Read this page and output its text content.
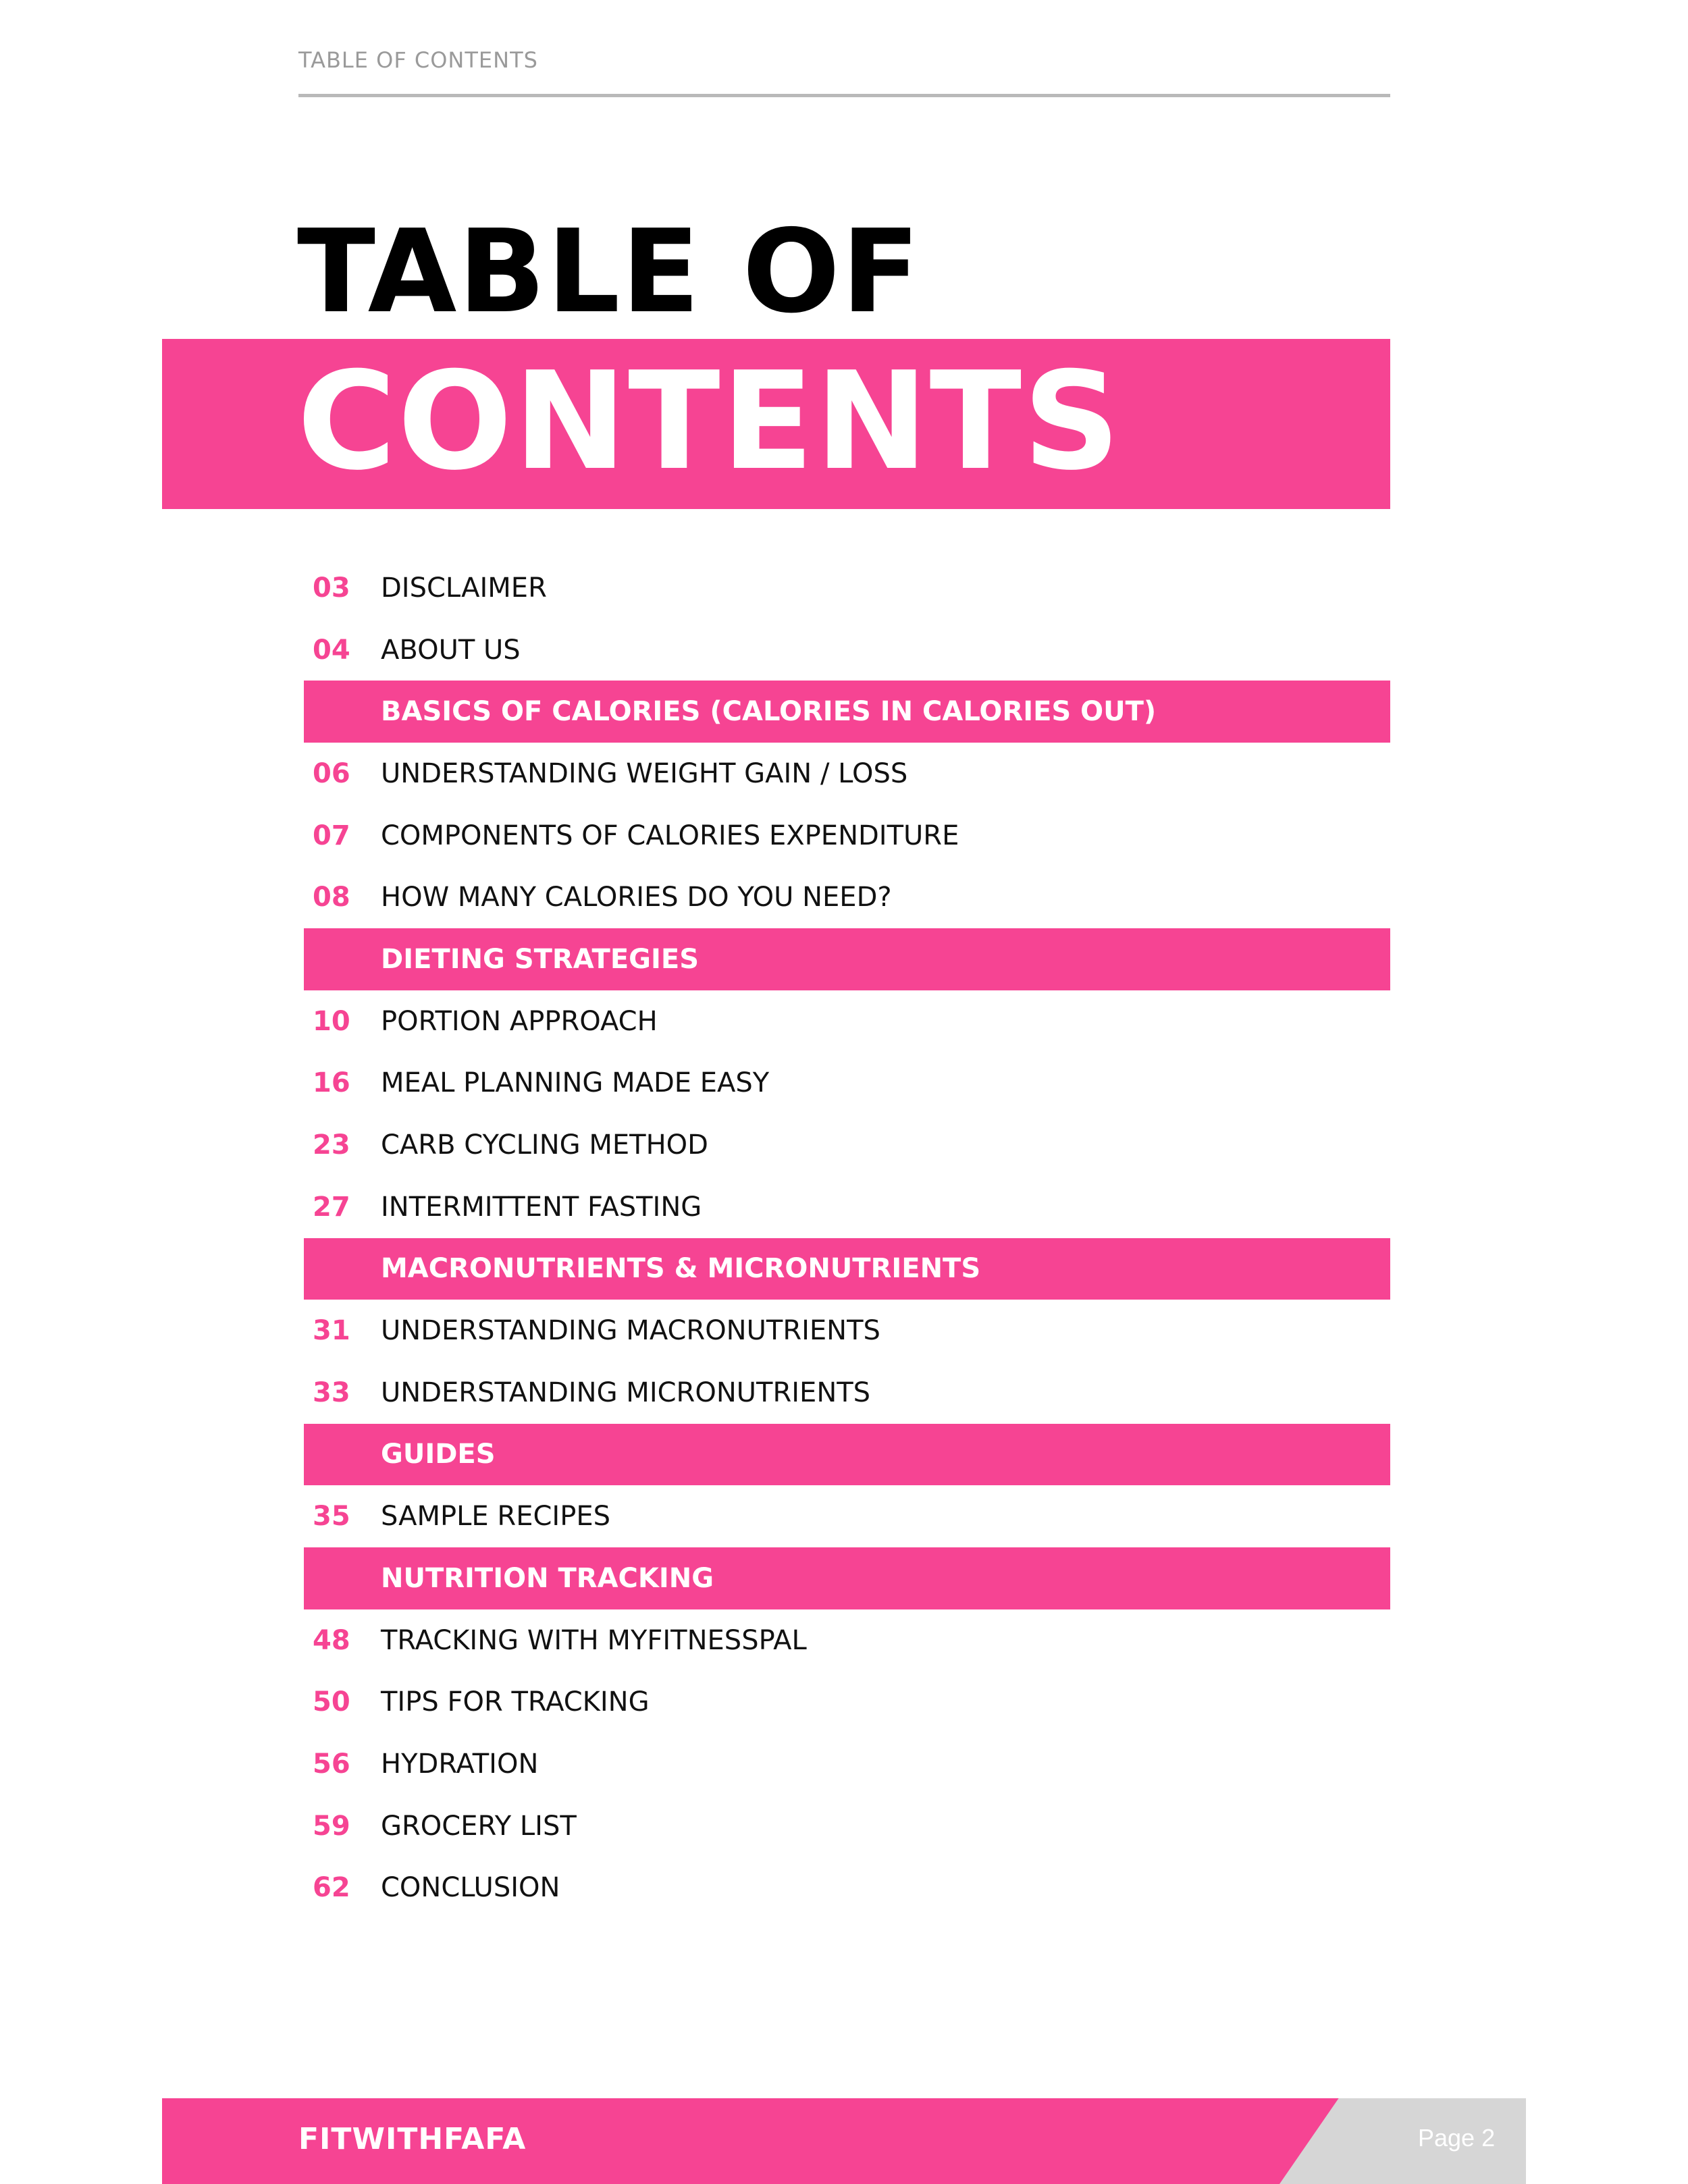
TABLE OF CONTENTS
TABLE OF
CONTENTS
03 DISCLAIMER
04 ABOUT US
BASICS OF CALORIES (CALORIES IN CALORIES OUT)
06 UNDERSTANDING WEIGHT GAIN / LOSS
07 COMPONENTS OF CALORIES EXPENDITURE
08 HOW MANY CALORIES DO YOU NEED?
DIETING STRATEGIES
10 PORTION APPROACH
16 MEAL PLANNING MADE EASY
23 CARB CYCLING METHOD
27 INTERMITTENT FASTING
MACRONUTRIENTS & MICRONUTRIENTS
31 UNDERSTANDING MACRONUTRIENTS
33 UNDERSTANDING MICRONUTRIENTS
GUIDES
35 SAMPLE RECIPES
NUTRITION TRACKING
48 TRACKING WITH MYFITNESSPAL
50 TIPS FOR TRACKING
56 HYDRATION
59 GROCERY LIST
62 CONCLUSION
FITWITHFAFA	Page 2
